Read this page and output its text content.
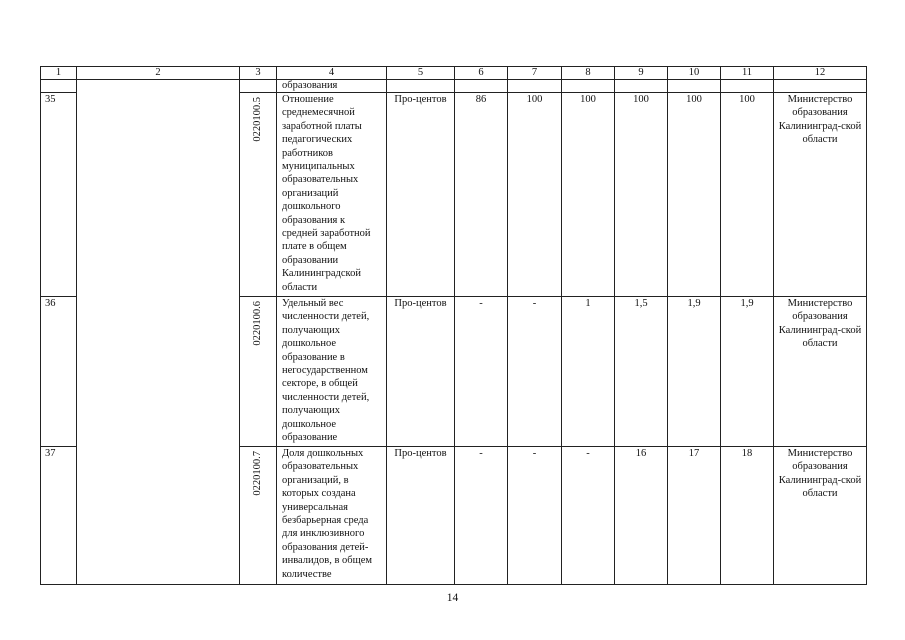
1	2	3	4	5	6	7	8	9	10	11	12
			образования								
35		0220100.5	Отношение среднемесячной заработной платы педагогических работников муниципальных образовательных организаций дошкольного образования к средней заработной плате в общем образовании Калининградской области	Про-центов	86	100	100	100	100	100	Министерство образования Калининград-ской области
36		0220100.6	Удельный вес численности детей, получающих дошкольное образование в негосударственном секторе, в общей численности детей, получающих дошкольное образование	Про-центов	-	-	1	1,5	1,9	1,9	Министерство образования Калининград-ской области
37		0220100.7	Доля дошкольных образовательных организаций, в которых создана универсальная безбарьерная среда для инклюзивного образования детей-инвалидов, в общем количестве	Про-центов	-	-	-	16	17	18	Министерство образования Калининград-ской области
14
